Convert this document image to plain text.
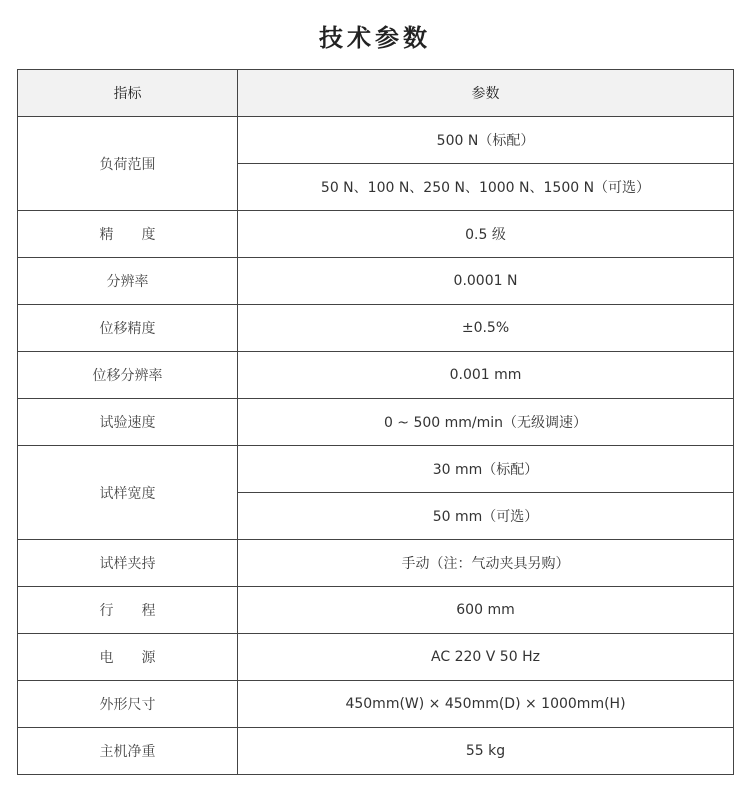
技术参数
指标	参数
负荷范围	500 N（标配）
	50 N、100 N、250 N、1000 N、1500 N（可选）
精　　度	0.5 级
分辨率	0.0001 N
位移精度	±0.5%
位移分辨率	0.001 mm
试验速度	0 ~ 500 mm/min（无级调速）
试样宽度	30 mm（标配）
	50 mm（可选）
试样夹持	手动（注：气动夹具另购）
行　　程	600 mm
电　　源	AC 220 V 50 Hz
外形尺寸	450mm(W) × 450mm(D) × 1000mm(H)
主机净重	55 kg
